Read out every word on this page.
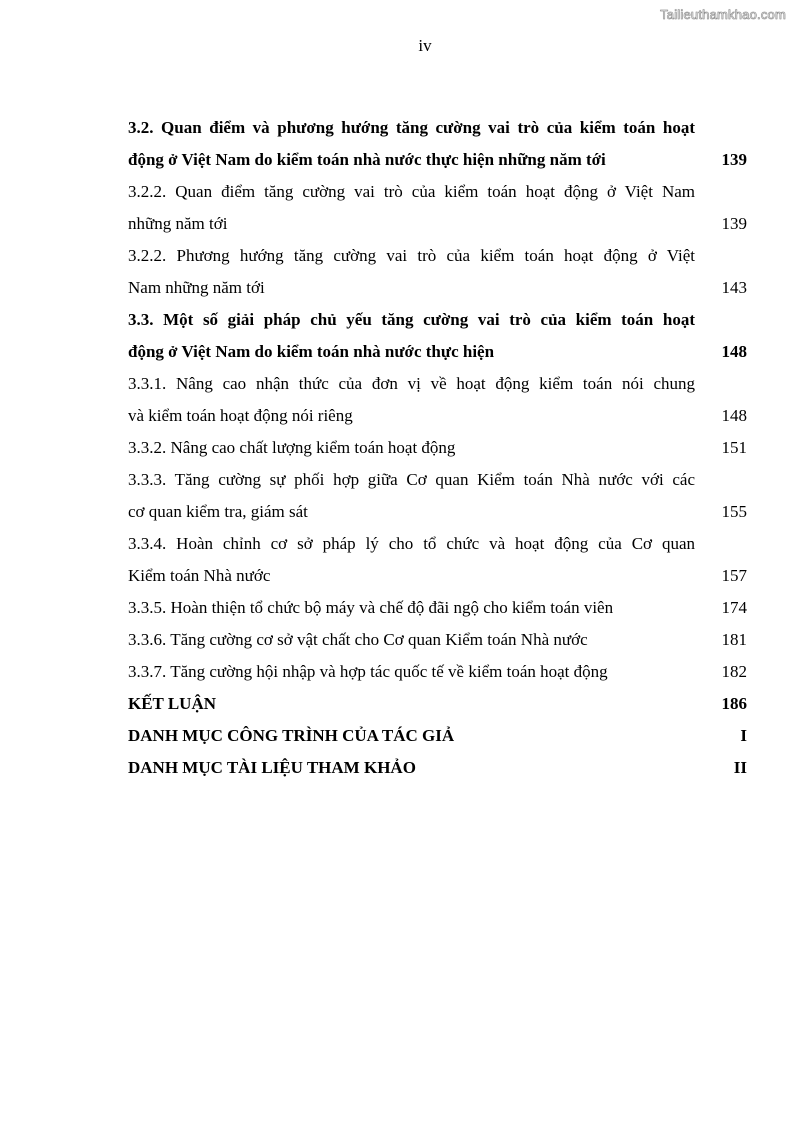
Tailieuthamkhao.com
iv
3.2. Quan điểm và phương hướng tăng cường vai trò của kiểm toán hoạt
động ở Việt Nam do kiểm toán nhà nước thực hiện những năm tới	139
3.2.2. Quan điểm tăng cường vai trò của kiểm toán hoạt động ở Việt Nam
những năm tới	139
3.2.2. Phương hướng tăng cường vai trò của kiểm toán hoạt động ở Việt
Nam những năm tới	143
3.3. Một số giải pháp chủ yếu tăng cường vai trò của kiểm toán hoạt
động ở Việt Nam do kiểm toán nhà nước thực hiện	148
3.3.1. Nâng cao nhận thức của đơn vị về hoạt động kiểm toán nói chung
và kiểm toán hoạt động nói riêng	148
3.3.2. Nâng cao chất lượng kiểm toán hoạt động	151
3.3.3. Tăng cường sự phối hợp giữa Cơ quan Kiểm toán Nhà nước với các
cơ quan kiểm tra, giám sát	155
3.3.4. Hoàn chỉnh cơ sở pháp lý cho tổ chức và hoạt động của Cơ quan
Kiểm toán Nhà nước	157
3.3.5. Hoàn thiện tổ chức bộ máy và chế độ đãi ngộ cho kiểm toán viên	174
3.3.6. Tăng cường cơ sở vật chất cho Cơ quan Kiểm toán Nhà nước	181
3.3.7. Tăng cường hội nhập và hợp tác quốc tế về kiểm toán hoạt động	182
KẾT LUẬN	186
DANH MỤC CÔNG TRÌNH CỦA TÁC GIẢ	I
DANH MỤC TÀI LIỆU THAM KHẢO	II
